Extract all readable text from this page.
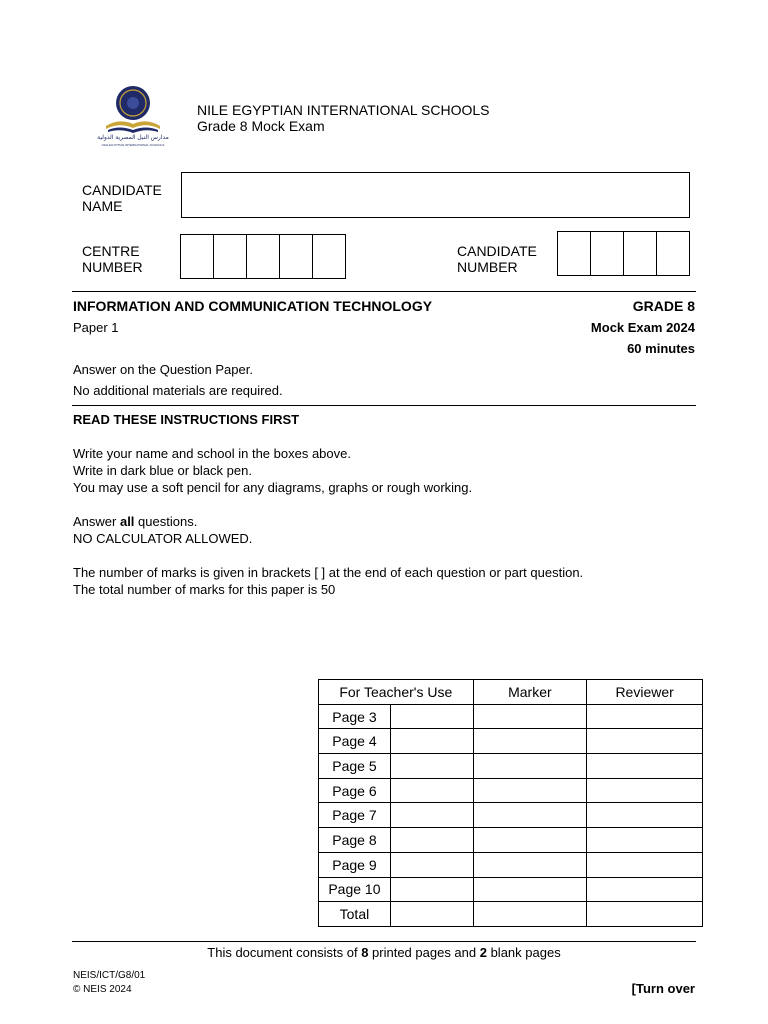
مدارس النيل المصرية الدولية
NILE EGYPTIAN INTERNATIONAL SCHOOLS
NILE EGYPTIAN INTERNATIONAL SCHOOLS
Grade 8 Mock Exam
CANDIDATE
NAME
CENTRE
NUMBER
CANDIDATE
NUMBER
INFORMATION AND COMMUNICATION TECHNOLOGY	GRADE 8
Paper 1	Mock Exam 2024
60 minutes
Answer on the Question Paper.
No additional materials are required.
READ THESE INSTRUCTIONS FIRST
Write your name and school in the boxes above.
Write in dark blue or black pen.
You may use a soft pencil for any diagrams, graphs or rough working.
Answer all questions.
NO CALCULATOR ALLOWED.
The number of marks is given in brackets [ ] at the end of each question or part question.
The total number of marks for this paper is 50
For Teacher's Use		Marker	Reviewer
Page 3			
Page 4			
Page 5			
Page 6			
Page 7			
Page 8			
Page 9			
Page 10			
Total			
This document consists of 8 printed pages and 2 blank pages
NEIS/ICT/G8/01
© NEIS 2024	[Turn over
